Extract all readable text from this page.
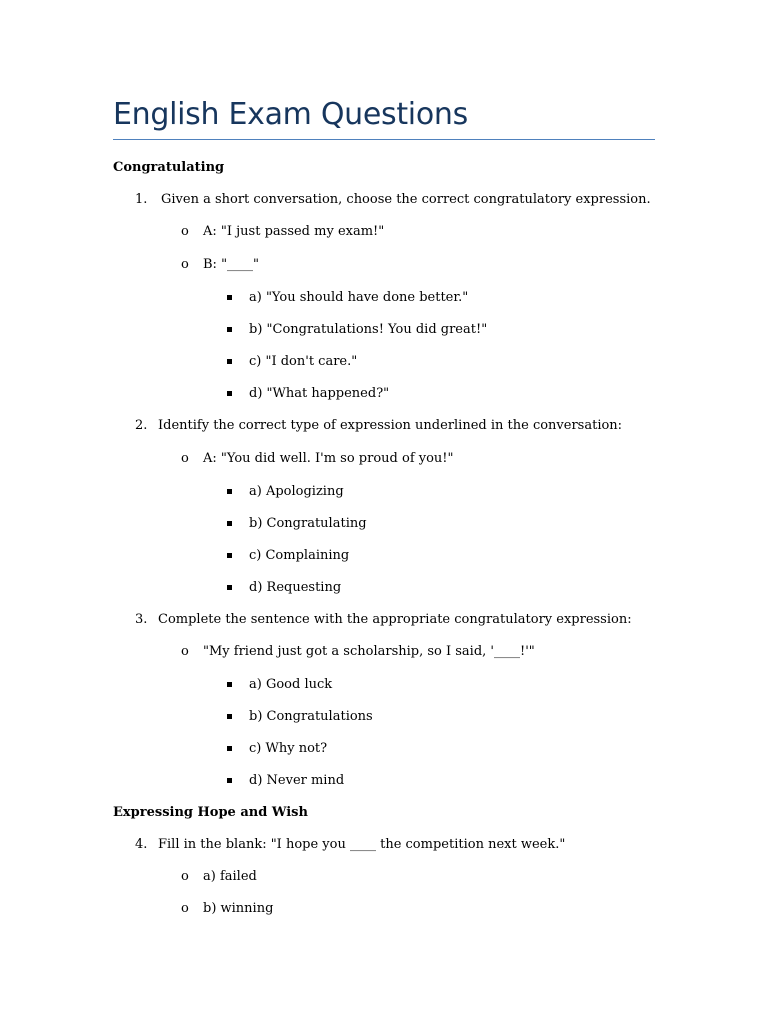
English Exam Questions
Congratulating
1. Given a short conversation, choose the correct congratulatory expression.
o A: "I just passed my exam!"
o B: "____"
a) "You should have done better."
b) "Congratulations! You did great!"
c) "I don't care."
d) "What happened?"
2. Identify the correct type of expression underlined in the conversation:
o A: "You did well. I'm so proud of you!"
a) Apologizing
b) Congratulating
c) Complaining
d) Requesting
3. Complete the sentence with the appropriate congratulatory expression:
o "My friend just got a scholarship, so I said, '____!'"
a) Good luck
b) Congratulations
c) Why not?
d) Never mind
Expressing Hope and Wish
4. Fill in the blank: "I hope you ____ the competition next week."
o a) failed
o b) winning
